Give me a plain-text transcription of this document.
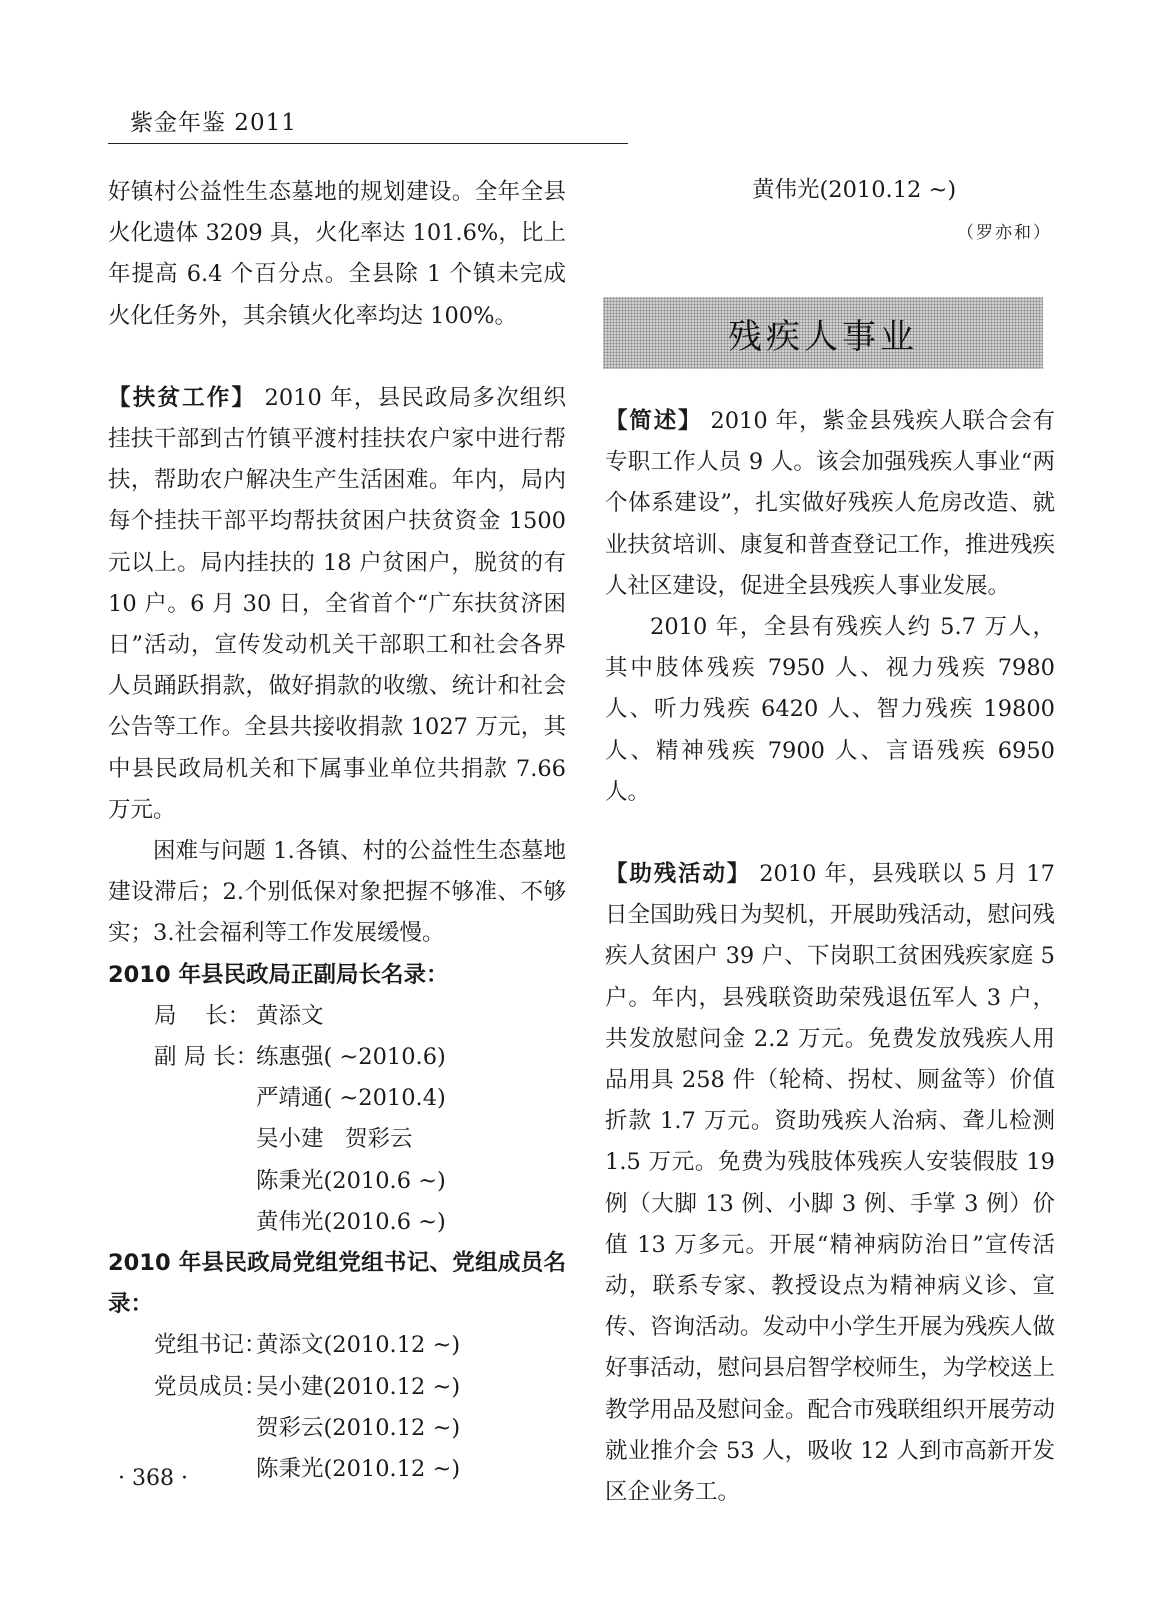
紫金年鉴 2011

好镇村公益性生态墓地的规划建设。全年全县火化遗体 3209 具，火化率达 101.6%，比上年提高 6.4 个百分点。全县除 1 个镇未完成火化任务外，其余镇火化率均达 100%。

【扶贫工作】 2010 年，县民政局多次组织挂扶干部到古竹镇平渡村挂扶农户家中进行帮扶，帮助农户解决生产生活困难。年内，局内每个挂扶干部平均帮扶贫困户扶贫资金 1500 元以上。局内挂扶的 18 户贫困户，脱贫的有 10 户。6 月 30 日，全省首个“广东扶贫济困日”活动，宣传发动机关干部职工和社会各界人员踊跃捐款，做好捐款的收缴、统计和社会公告等工作。全县共接收捐款 1027 万元，其中县民政局机关和下属事业单位共捐款 7.66 万元。

困难与问题 1.各镇、村的公益性生态墓地建设滞后；2.个别低保对象把握不够准、不够实；3.社会福利等工作发展缓慢。

2010 年县民政局正副局长名录：

局    长： 黄添文
副 局 长：练惠强( ~2010.6)
严靖通( ~2010.4)
吴小建   贺彩云
陈秉光(2010.6 ~)
黄伟光(2010.6 ~)

2010 年县民政局党组党组书记、党组成员名录：

党组书记：黄添文(2010.12 ~)
党员成员：吴小建(2010.12 ~)
贺彩云(2010.12 ~)
陈秉光(2010.12 ~)
· 368 ·
黄伟光(2010.12 ~)
（罗亦和）
残疾人事业

【简述】 2010 年，紫金县残疾人联合会有专职工作人员 9 人。该会加强残疾人事业“两个体系建设”，扎实做好残疾人危房改造、就业扶贫培训、康复和普查登记工作，推进残疾人社区建设，促进全县残疾人事业发展。

2010 年，全县有残疾人约 5.7 万人，其中肢体残疾 7950 人、视力残疾 7980 人、听力残疾 6420 人、智力残疾 19800 人、精神残疾 7900 人、言语残疾 6950 人。

【助残活动】 2010 年，县残联以 5 月 17 日全国助残日为契机，开展助残活动，慰问残疾人贫困户 39 户、下岗职工贫困残疾家庭 5 户。年内，县残联资助荣残退伍军人 3 户，共发放慰问金 2.2 万元。免费发放残疾人用品用具 258 件（轮椅、拐杖、厕盆等）价值折款 1.7 万元。资助残疾人治病、聋儿检测 1.5 万元。免费为残肢体残疾人安装假肢 19 例（大脚 13 例、小脚 3 例、手掌 3 例）价值 13 万多元。开展“精神病防治日”宣传活动，联系专家、教授设点为精神病义诊、宣传、咨询活动。发动中小学生开展为残疾人做好事活动，慰问县启智学校师生，为学校送上教学用品及慰问金。配合市残联组织开展劳动就业推介会 53 人，吸收 12 人到市高新开发区企业务工。
